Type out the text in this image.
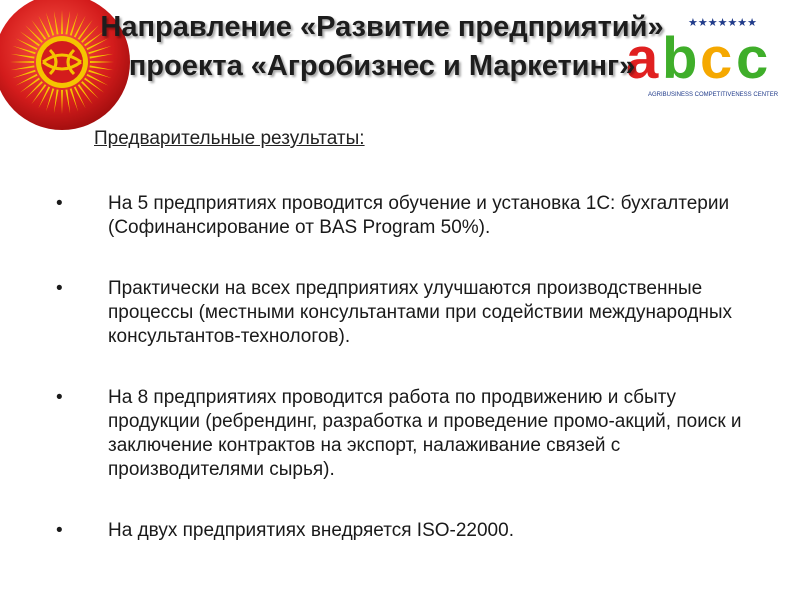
★★★★★★★
a b c c
AGRIBUSINESS COMPETITIVENESS CENTER
Направление «Развитие предприятий»
проекта «Агробизнес и Маркетинг»
Предварительные результаты:
• На 5 предприятиях проводится обучение и установка 1С: бухгалтерии (Софинансирование от BAS Program 50%).
• Практически на всех предприятиях улучшаются производственные процессы (местными консультантами при содействии международных консультантов-технологов).
• На 8 предприятиях проводится работа по продвижению и сбыту продукции (ребрендинг, разработка и проведение промо-акций, поиск и заключение контрактов на экспорт, налаживание связей с производителями сырья).
• На двух предприятиях внедряется ISO-22000.
